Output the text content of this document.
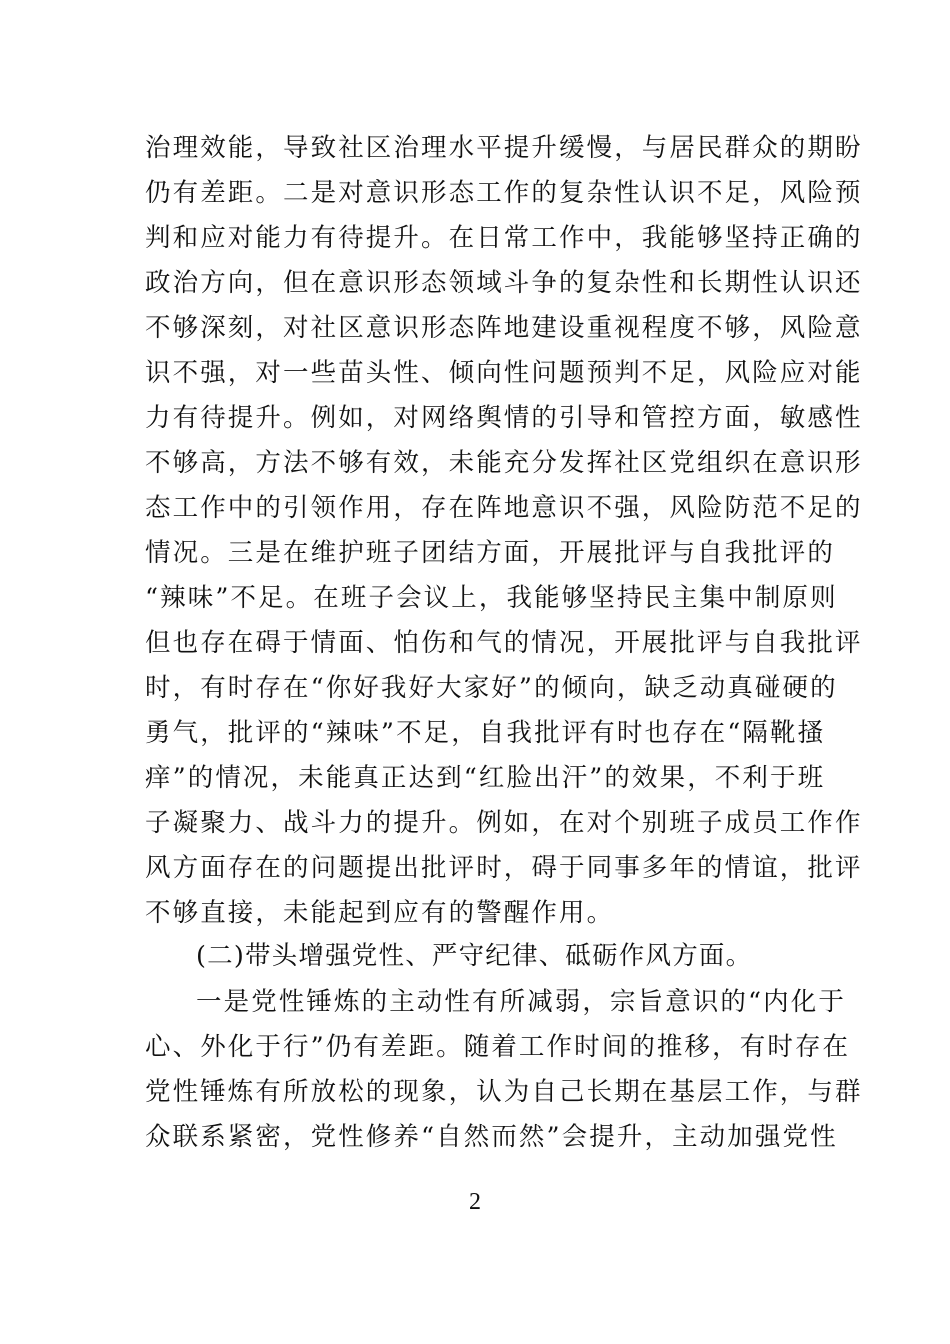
治理效能，导致社区治理水平提升缓慢，与居民群众的期盼
仍有差距。二是对意识形态工作的复杂性认识不足，风险预
判和应对能力有待提升。在日常工作中，我能够坚持正确的
政治方向，但在意识形态领域斗争的复杂性和长期性认识还
不够深刻，对社区意识形态阵地建设重视程度不够，风险意
识不强，对一些苗头性、倾向性问题预判不足，风险应对能
力有待提升。例如，对网络舆情的引导和管控方面，敏感性
不够高，方法不够有效，未能充分发挥社区党组织在意识形
态工作中的引领作用，存在阵地意识不强，风险防范不足的
情况。三是在维护班子团结方面，开展批评与自我批评的
“辣味”不足。在班子会议上，我能够坚持民主集中制原则
但也存在碍于情面、怕伤和气的情况，开展批评与自我批评
时，有时存在“你好我好大家好”的倾向，缺乏动真碰硬的
勇气，批评的“辣味”不足，自我批评有时也存在“隔靴搔
痒”的情况，未能真正达到“红脸出汗”的效果，不利于班
子凝聚力、战斗力的提升。例如，在对个别班子成员工作作
风方面存在的问题提出批评时，碍于同事多年的情谊，批评
不够直接，未能起到应有的警醒作用。
(二)带头增强党性、严守纪律、砥砺作风方面。
一是党性锤炼的主动性有所减弱，宗旨意识的“内化于
心、外化于行”仍有差距。随着工作时间的推移，有时存在
党性锤炼有所放松的现象，认为自己长期在基层工作，与群
众联系紧密，党性修养“自然而然”会提升，主动加强党性
2
